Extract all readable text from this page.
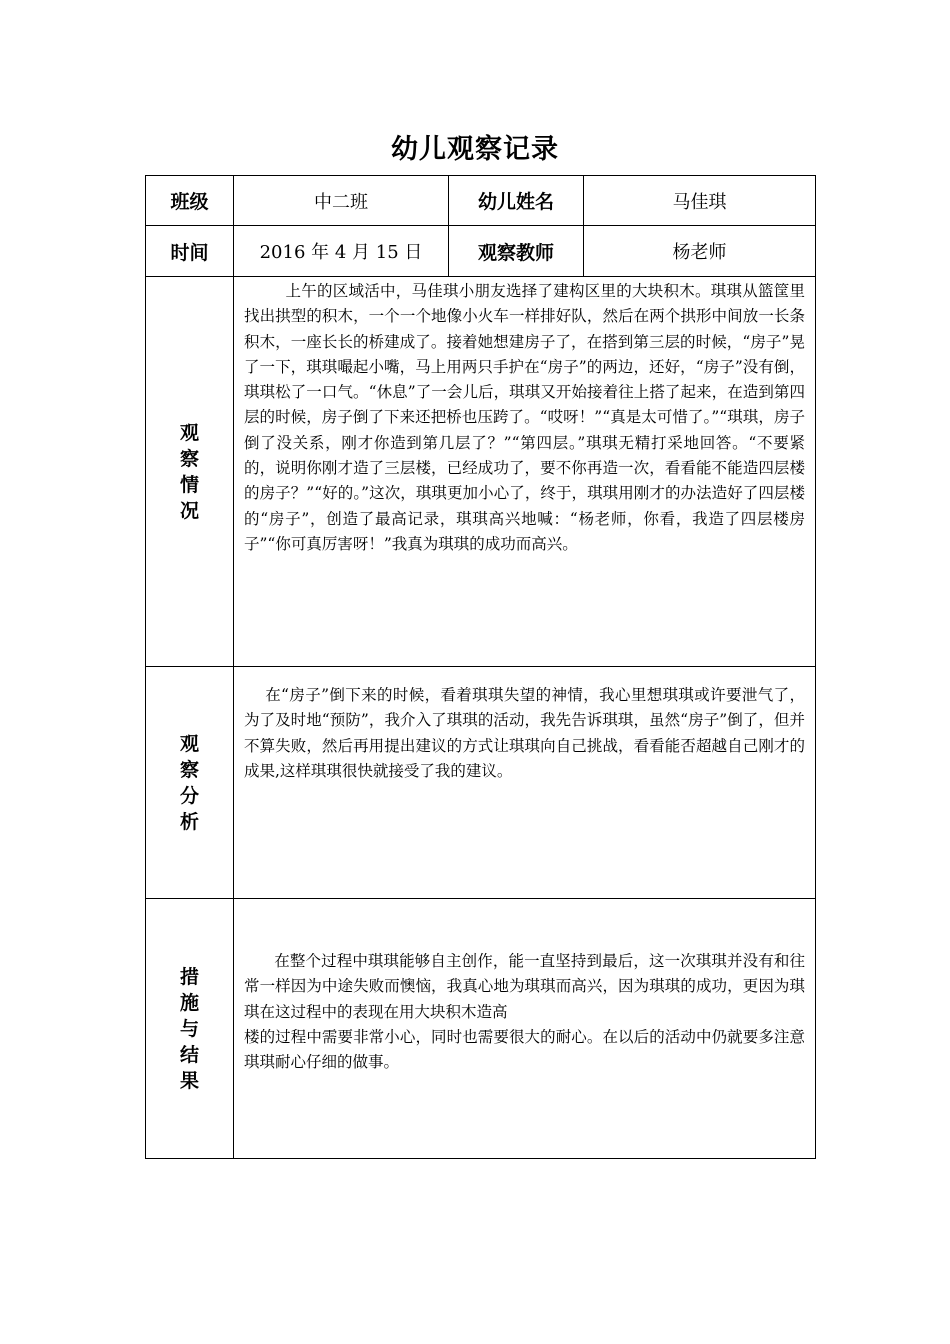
幼儿观察记录
班级	中二班	幼儿姓名	马佳琪
时间	2016 年 4 月 15 日	观察教师	杨老师
观察情况	上午的区域活中，马佳琪小朋友选择了建构区里的大块积木。琪琪从篮筐里找出拱型的积木，一个一个地像小火车一样排好队，然后在两个拱形中间放一长条积木，一座长长的桥建成了。接着她想建房子了，在搭到第三层的时候，“房子”晃了一下，琪琪嘬起小嘴，马上用两只手护在“房子”的两边，还好，“房子”没有倒，琪琪松了一口气。“休息”了一会儿后，琪琪又开始接着往上搭了起来，在造到第四层的时候，房子倒了下来还把桥也压跨了。“哎呀！”“真是太可惜了。”“琪琪，房子倒了没关系，刚才你造到第几层了？”“第四层。”琪琪无精打采地回答。“不要紧的，说明你刚才造了三层楼，已经成功了，要不你再造一次，看看能不能造四层楼的房子？”“好的。”这次，琪琪更加小心了，终于，琪琪用刚才的办法造好了四层楼的“房子”，创造了最高记录，琪琪高兴地喊：“杨老师，你看，我造了四层楼房子”“你可真厉害呀！”我真为琪琪的成功而高兴。		

观察分析	在“房子”倒下来的时候，看着琪琪失望的神情，我心里想琪琪或许要泄气了，为了及时地“预防”，我介入了琪琪的活动，我先告诉琪琪，虽然“房子”倒了，但并不算失败，然后再用提出建议的方式让琪琪向自己挑战，看看能否超越自己刚才的成果,这样琪琪很快就接受了我的建议。		

措施与结果	在整个过程中琪琪能够自主创作，能一直坚持到最后，这一次琪琪并没有和往常一样因为中途失败而懊恼，我真心地为琪琪而高兴，因为琪琪的成功，更因为琪琪在这过程中的表现在用大块积木造高
楼的过程中需要非常小心，同时也需要很大的耐心。在以后的活动中仍就要多注意琪琪耐心仔细的做事。		
